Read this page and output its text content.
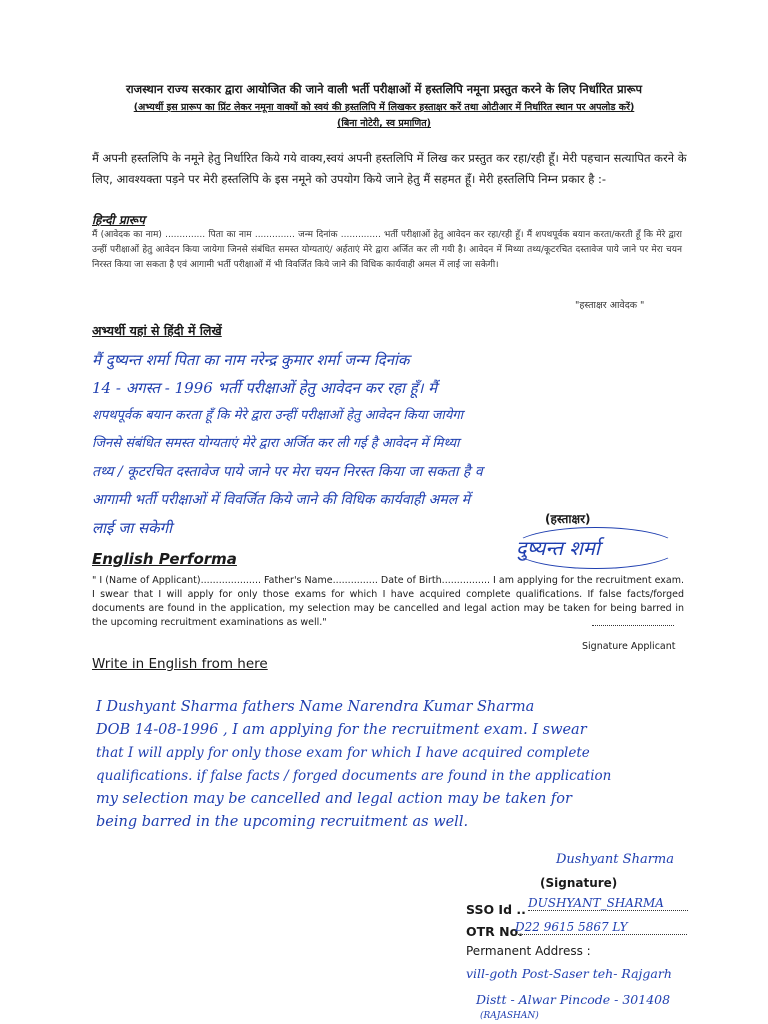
राजस्थान राज्य सरकार द्वारा आयोजित की जाने वाली भर्ती परीक्षाओं में हस्तलिपि नमूना प्रस्तुत करने के लिए निर्धारित प्रारूप
(अभ्यर्थी इस प्रारूप का प्रिंट लेकर नमूना वाक्यों को स्वयं की हस्तलिपि में लिखकर हस्ताक्षर करें तथा ओटीआर में निर्धारित स्थान पर अपलोड करें)
(बिना नोटेरी, स्व प्रमाणित)
मैं अपनी हस्तलिपि के नमूने हेतु निर्धारित किये गये वाक्य,स्वयं अपनी हस्तलिपि में लिख कर प्रस्तुत कर रहा/रही हूँ। मेरी पहचान सत्यापित करने के लिए, आवश्यक्ता पड़ने पर मेरी हस्तलिपि के इस नमूने को उपयोग किये जाने हेतु मैं सहमत हूँ। मेरी हस्तलिपि निम्न प्रकार है :-
हिन्दी प्रारूप
मैं (आवेदक का नाम) .............. पिता का नाम .............. जन्म दिनांक .............. भर्ती परीक्षाओं हेतु आवेदन कर रहा/रही हूँ। मैं शपथपूर्वक बयान करता/करती हूँ कि मेरे द्वारा उन्हीं परीक्षाओं हेतु आवेदन किया जायेगा जिनसे संबंधित समस्त योग्यताएं/ अर्हताएं मेरे द्वारा अर्जित कर ली गयी है। आवेदन में मिथ्या तथ्य/कूटरचित दस्तावेज पाये जाने पर मेरा चयन निरस्त किया जा सकता है एवं आगामी भर्ती परीक्षाओं में भी विवर्जित किये जाने की विधिक कार्यवाही अमल में लाई जा सकेगी।
"हस्ताक्षर आवेदक "
अभ्यर्थी यहां से हिंदी में लिखें
मैं दुष्यन्त शर्मा पिता का नाम नरेन्द्र कुमार शर्मा जन्म दिनांक
14 - अगस्त - 1996 भर्ती परीक्षाओं हेतु आवेदन कर रहा हूँ। मैं
शपथपूर्वक बयान करता हूँ कि मेरे द्वारा उन्हीं परीक्षाओं हेतु आवेदन किया जायेगा
जिनसे संबंधित समस्त योग्यताएं मेरे द्वारा अर्जित कर ली गई है आवेदन में मिथ्या
तथ्य / कूटरचित दस्तावेज पाये जाने पर मेरा चयन निरस्त किया जा सकता है व
आगामी भर्ती परीक्षाओं में विवर्जित किये जाने की विधिक कार्यवाही अमल में
लाई जा सकेगी	(हस्ताक्षर)
दुष्यन्त शर्मा
English Performa
" I (Name of Applicant).................... Father's Name............... Date of Birth................ I am applying for the recruitment exam. I swear that I will apply for only those exams for which I have acquired complete qualifications. If false facts/forged documents are found in the application, my selection may be cancelled and legal action may be taken for being barred in the upcoming recruitment examinations as well."
Signature Applicant
Write in English from here
I Dushyant Sharma fathers Name Narendra Kumar Sharma
DOB 14-08-1996 , I am applying for the recruitment exam. I swear
that I will apply for only those exam for which I have acquired complete
qualifications. if false facts / forged documents are found in the application
my selection may be cancelled and legal action may be taken for
being barred in the upcoming recruitment as well.
Dushyant Sharma
(Signature)
SSO Id .. DUSHYANT_SHARMA
OTR No.
D22 9615 5867 LY
Permanent Address :
vill-goth Post-Saser teh- Rajgarh
Distt - Alwar Pincode - 301408
(RAJASHAN)
